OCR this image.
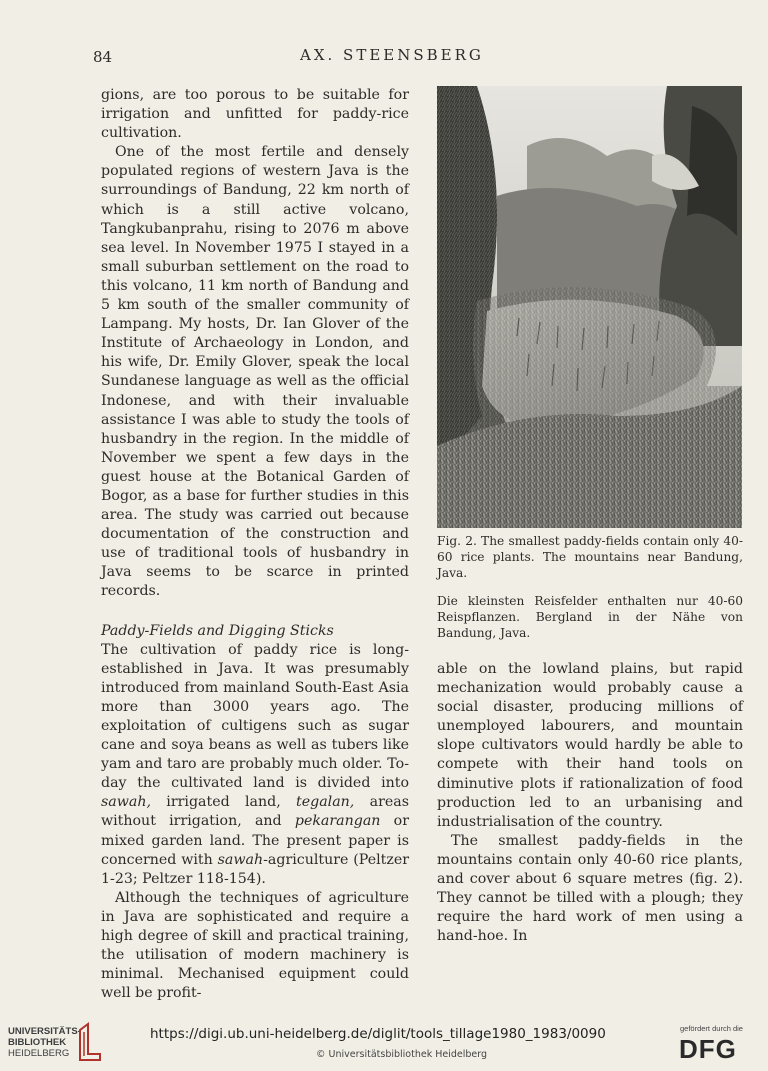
84	AX. STEENSBERG

gions, are too porous to be suitable for irrigation and unfitted for paddy-rice cultivation.

One of the most fertile and densely populated regions of western Java is the surroundings of Bandung, 22 km north of which is a still active volcano, Tangkubanprahu, rising to 2076 m above sea level. In November 1975 I stayed in a small suburban settlement on the road to this volcano, 11 km north of Bandung and 5 km south of the smaller community of Lampang. My hosts, Dr. Ian Glover of the Institute of Archaeology in London, and his wife, Dr. Emily Glover, speak the local Sundanese language as well as the official Indonese, and with their invaluable assistance I was able to study the tools of husbandry in the region. In the middle of November we spent a few days in the guest house at the Botanical Garden of Bogor, as a base for further studies in this area. The study was carried out because documentation of the construction and use of traditional tools of husbandry in Java seems to be scarce in printed records.

Paddy-Fields and Digging Sticks

The cultivation of paddy rice is long-established in Java. It was presumably introduced from mainland South-East Asia more than 3000 years ago. The exploitation of cultigens such as sugar cane and soya beans as well as tubers like yam and taro are probably much older. To-day the cultivated land is divided into sawah, irrigated land, tegalan, areas without irrigation, and pekarangan or mixed garden land. The present paper is concerned with sawah-agriculture (Peltzer 1-23; Peltzer 118-154).

Although the techniques of agriculture in Java are sophisticated and require a high degree of skill and practical training, the utilisation of modern machinery is minimal. Mechanised equipment could well be profit-

Fig. 2. The smallest paddy-fields contain only 40-60 rice plants. The mountains near Bandung, Java.

Die kleinsten Reisfelder enthalten nur 40-60 Reispflanzen. Bergland in der Nähe von Bandung, Java.

able on the lowland plains, but rapid mechanization would probably cause a social disaster, producing millions of unemployed labourers, and mountain slope cultivators would hardly be able to compete with their hand tools on diminutive plots if rationalization of food production led to an urbanising and industrialisation of the country.

The smallest paddy-fields in the mountains contain only 40-60 rice plants, and cover about 6 square metres (fig. 2). They cannot be tilled with a plough; they require the hard work of men using a hand-hoe. In

UNIVERSITÄTS-
BIBLIOTHEK
HEIDELBERG
https://digi.ub.uni-heidelberg.de/diglit/tools_tillage1980_1983/0090
© Universitätsbibliothek Heidelberg
gefördert durch die
DFG
